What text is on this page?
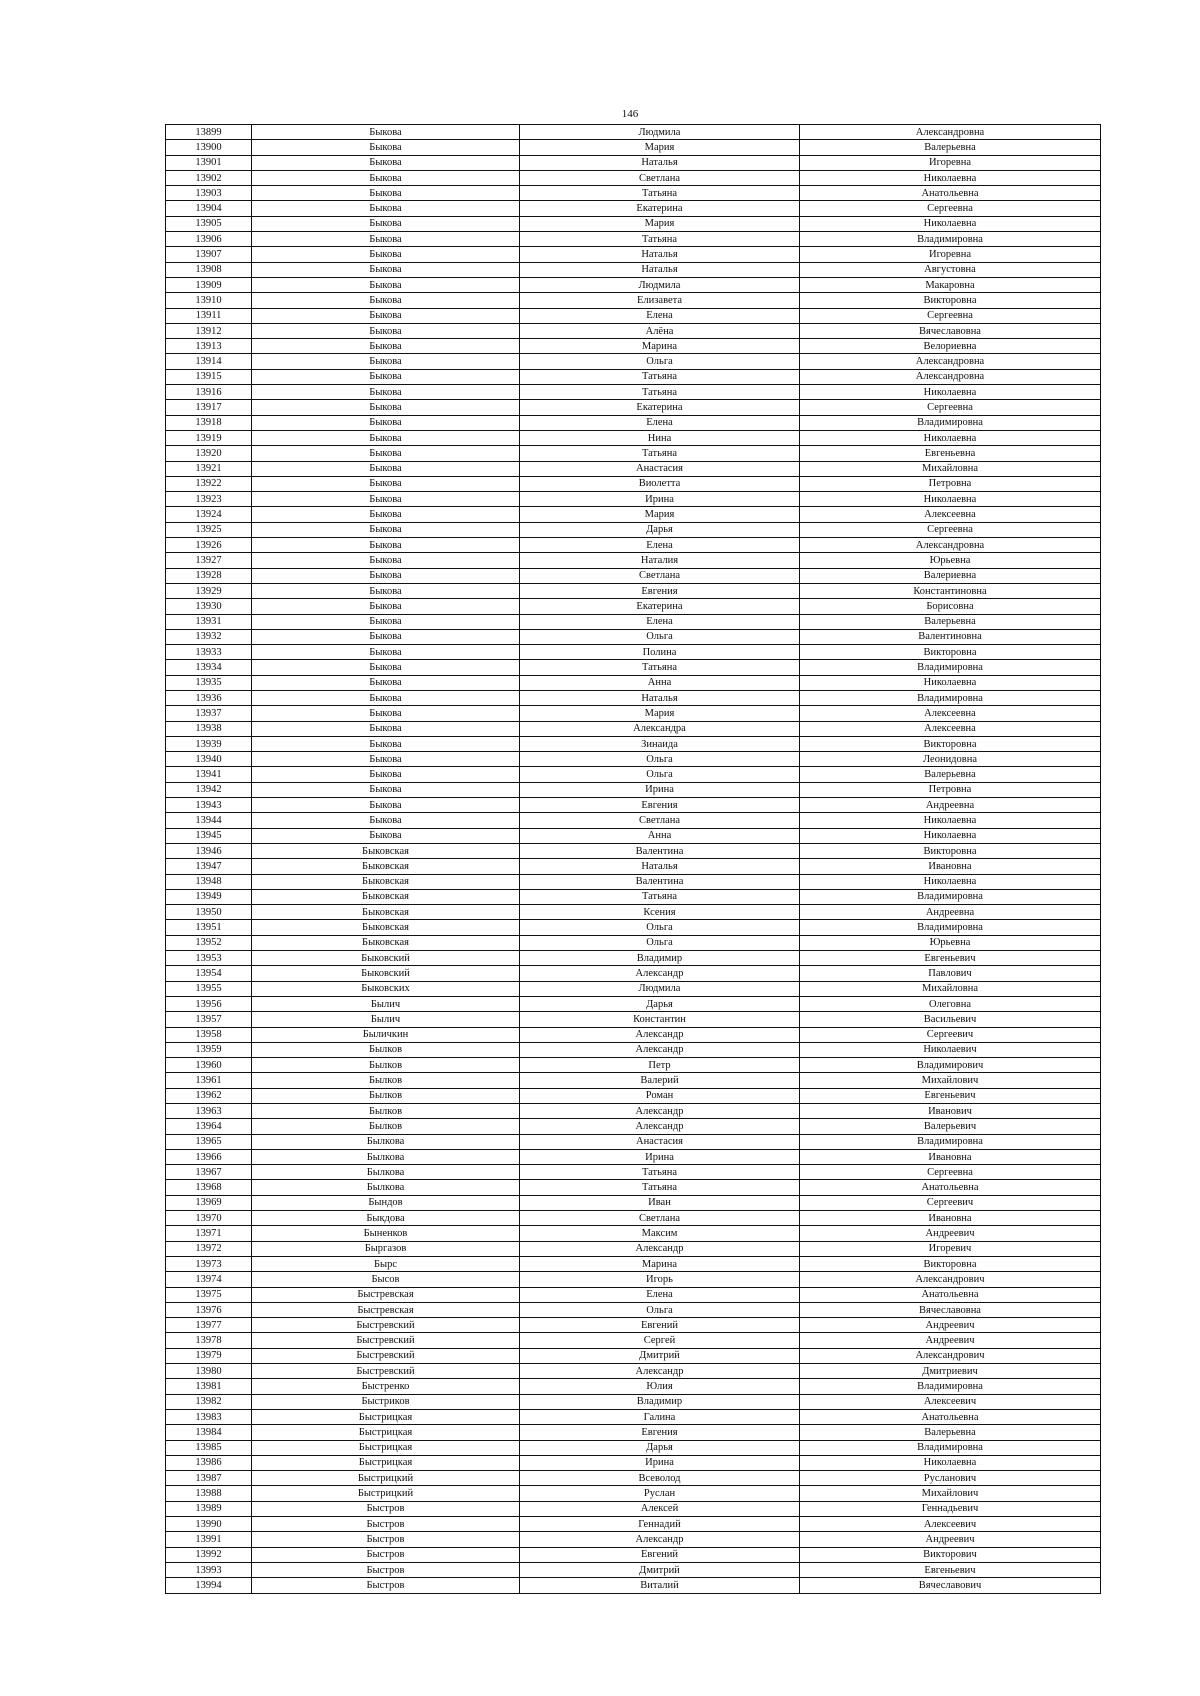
146
13899	Быкова	Людмила	Александровна
13900	Быкова	Мария	Валерьевна
13901	Быкова	Наталья	Игоревна
13902	Быкова	Светлана	Николаевна
13903	Быкова	Татьяна	Анатольевна
13904	Быкова	Екатерина	Сергеевна
13905	Быкова	Мария	Николаевна
13906	Быкова	Татьяна	Владимировна
13907	Быкова	Наталья	Игоревна
13908	Быкова	Наталья	Августовна
13909	Быкова	Людмила	Макаровна
13910	Быкова	Елизавета	Викторовна
13911	Быкова	Елена	Сергеевна
13912	Быкова	Алёна	Вячеславовна
13913	Быкова	Марина	Велориевна
13914	Быкова	Ольга	Александровна
13915	Быкова	Татьяна	Александровна
13916	Быкова	Татьяна	Николаевна
13917	Быкова	Екатерина	Сергеевна
13918	Быкова	Елена	Владимировна
13919	Быкова	Нина	Николаевна
13920	Быкова	Татьяна	Евгеньевна
13921	Быкова	Анастасия	Михайловна
13922	Быкова	Виолетта	Петровна
13923	Быкова	Ирина	Николаевна
13924	Быкова	Мария	Алексеевна
13925	Быкова	Дарья	Сергеевна
13926	Быкова	Елена	Александровна
13927	Быкова	Наталия	Юрьевна
13928	Быкова	Светлана	Валериевна
13929	Быкова	Евгения	Константиновна
13930	Быкова	Екатерина	Борисовна
13931	Быкова	Елена	Валерьевна
13932	Быкова	Ольга	Валентиновна
13933	Быкова	Полина	Викторовна
13934	Быкова	Татьяна	Владимировна
13935	Быкова	Анна	Николаевна
13936	Быкова	Наталья	Владимировна
13937	Быкова	Мария	Алексеевна
13938	Быкова	Александра	Алексеевна
13939	Быкова	Зинаида	Викторовна
13940	Быкова	Ольга	Леонидовна
13941	Быкова	Ольга	Валерьевна
13942	Быкова	Ирина	Петровна
13943	Быкова	Евгения	Андреевна
13944	Быкова	Светлана	Николаевна
13945	Быкова	Анна	Николаевна
13946	Быковская	Валентина	Викторовна
13947	Быковская	Наталья	Ивановна
13948	Быковская	Валентина	Николаевна
13949	Быковская	Татьяна	Владимировна
13950	Быковская	Ксения	Андреевна
13951	Быковская	Ольга	Владимировна
13952	Быковская	Ольга	Юрьевна
13953	Быковский	Владимир	Евгеньевич
13954	Быковский	Александр	Павлович
13955	Быковских	Людмила	Михайловна
13956	Былич	Дарья	Олеговна
13957	Былич	Константин	Васильевич
13958	Быличкин	Александр	Сергеевич
13959	Былков	Александр	Николаевич
13960	Былков	Петр	Владимирович
13961	Былков	Валерий	Михайлович
13962	Былков	Роман	Евгеньевич
13963	Былков	Александр	Иванович
13964	Былков	Александр	Валерьевич
13965	Былкова	Анастасия	Владимировна
13966	Былкова	Ирина	Ивановна
13967	Былкова	Татьяна	Сергеевна
13968	Былкова	Татьяна	Анатольевна
13969	Бындов	Иван	Сергеевич
13970	Быкдова	Светлана	Ивановна
13971	Быненков	Максим	Андреевич
13972	Быргазов	Александр	Игоревич
13973	Бырс	Марина	Викторовна
13974	Бысов	Игорь	Александрович
13975	Быстревская	Елена	Анатольевна
13976	Быстревская	Ольга	Вячеславовна
13977	Быстревский	Евгений	Андреевич
13978	Быстревский	Сергей	Андреевич
13979	Быстревский	Дмитрий	Александрович
13980	Быстревский	Александр	Дмитриевич
13981	Быстренко	Юлия	Владимировна
13982	Быстриков	Владимир	Алексеевич
13983	Быстрицкая	Галина	Анатольевна
13984	Быстрицкая	Евгения	Валерьевна
13985	Быстрицкая	Дарья	Владимировна
13986	Быстрицкая	Ирина	Николаевна
13987	Быстрицкий	Всеволод	Русланович
13988	Быстрицкий	Руслан	Михайлович
13989	Быстров	Алексей	Геннадьевич
13990	Быстров	Геннадий	Алексеевич
13991	Быстров	Александр	Андреевич
13992	Быстров	Евгений	Викторович
13993	Быстров	Дмитрий	Евгеньевич
13994	Быстров	Виталий	Вячеславович
